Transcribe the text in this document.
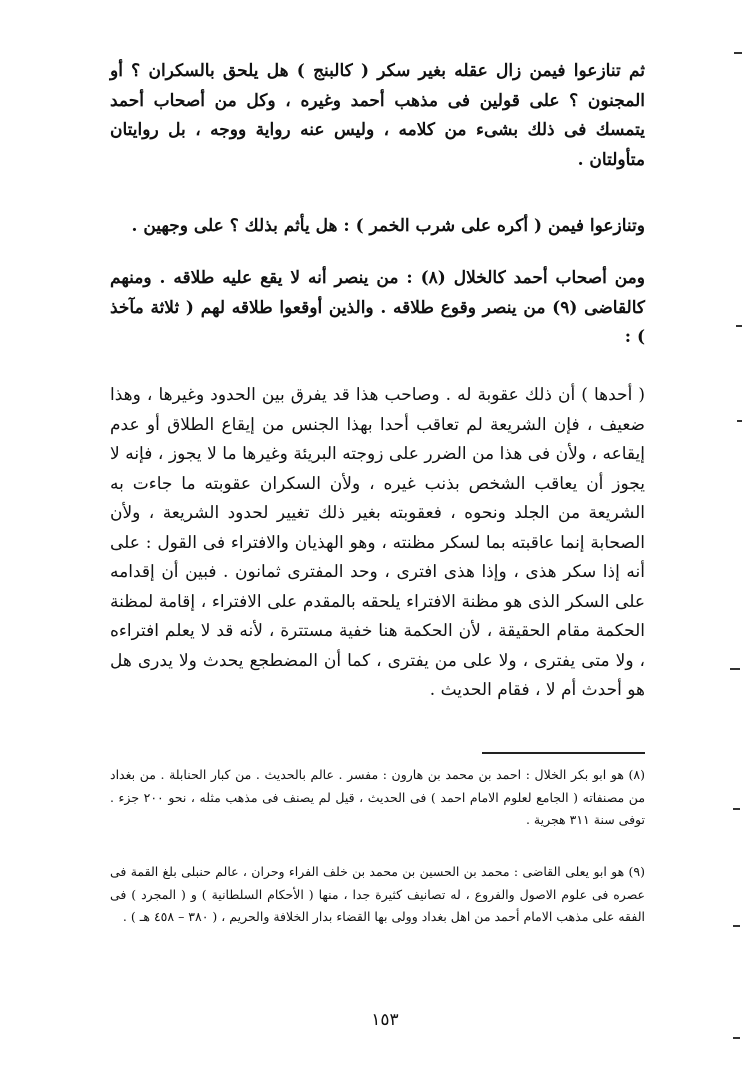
ثم تنازعوا فيمن زال عقله بغير سكر ( كالبنج ) هل يلحق بالسكران ؟ أو المجنون ؟ على قولين فى مذهب أحمد وغيره ، وكل من أصحاب أحمد يتمسك فى ذلك بشىء من كلامه ، وليس عنه رواية ووجه ، بل روايتان متأولتان .
وتنازعوا فيمن ( أكره على شرب الخمر ) : هل يأثم بذلك ؟ على وجهين .
ومن أصحاب أحمد كالخلال (٨) : من ينصر أنه لا يقع عليه طلاقه . ومنهم كالقاضى (٩) من ينصر وقوع طلاقه . والذين أوقعوا طلاقه لهم ( ثلاثة مآخذ ) :
( أحدها ) أن ذلك عقوبة له . وصاحب هذا قد يفرق بين الحدود وغيرها ، وهذا ضعيف ، فإن الشريعة لم تعاقب أحدا بهذا الجنس من إيقاع الطلاق أو عدم إيقاعه ، ولأن فى هذا من الضرر على زوجته البريئة وغيرها ما لا يجوز ، فإنه لا يجوز أن يعاقب الشخص بذنب غيره ، ولأن السكران عقوبته ما جاءت به الشريعة من الجلد ونحوه ، فعقوبته بغير ذلك تغيير لحدود الشريعة ، ولأن الصحابة إنما عاقبته بما لسكر مظنته ، وهو الهذيان والافتراء فى القول : على أنه إذا سكر هذى ، وإذا هذى افترى ، وحد المفترى ثمانون . فبين أن إقدامه على السكر الذى هو مظنة الافتراء يلحقه بالمقدم على الافتراء ، إقامة لمظنة الحكمة مقام الحقيقة ، لأن الحكمة هنا خفية مستترة ، لأنه قد لا يعلم افتراءه ، ولا متى يفترى ، ولا على من يفترى ، كما أن المضطجع يحدث ولا يدرى هل هو أحدث أم لا ، فقام الحديث .
(٨) هو ابو بكر الخلال : احمد بن محمد بن هارون : مفسر . عالم بالحديث . من كبار الحنابلة . من بغداد من مصنفاته ( الجامع لعلوم الامام احمد ) فى الحديث ، قيل لم يصنف فى مذهب مثله ، نحو ٢٠٠ جزء . توفى سنة ٣١١ هجرية .
(٩) هو ابو يعلى القاضى : محمد بن الحسين بن محمد بن خلف الفراء وحران ، عالم حنبلى بلغ القمة فى عصره فى علوم الاصول والفروع ، له تصانيف كثيرة جدا ، منها ( الأحكام السلطانية ) و ( المجرد ) فى الفقه على مذهب الامام أحمد من اهل بغداد وولى بها القضاء بدار الخلافة والحريم ، ( ٣٨٠ – ٤٥٨ هـ ) .
١٥٣
